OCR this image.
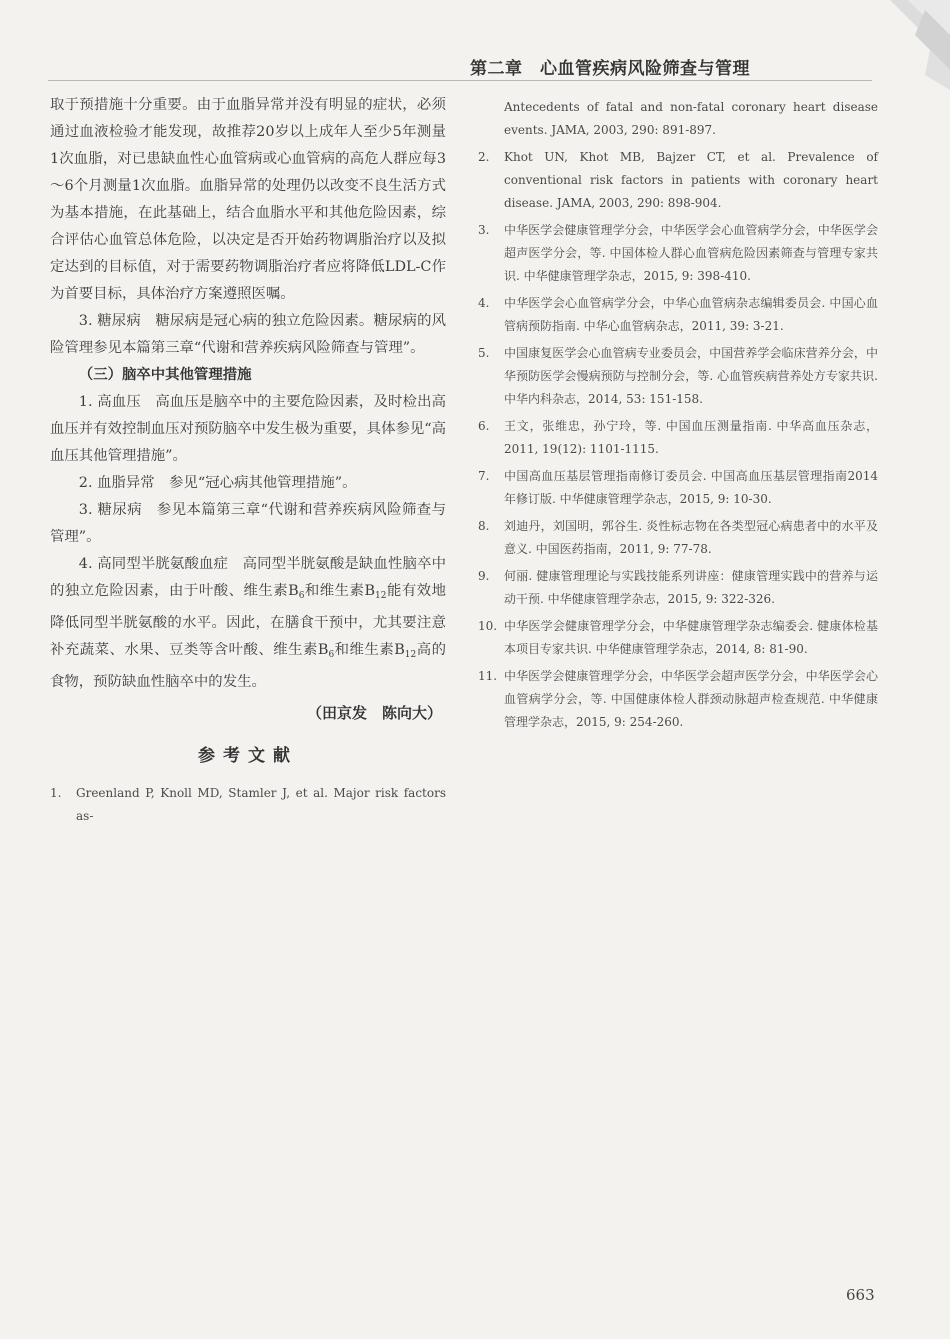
第二章　心血管疾病风险筛查与管理

取于预措施十分重要。由于血脂异常并没有明显的症状，必须通过血液检验才能发现，故推荐20岁以上成年人至少5年测量1次血脂，对已患缺血性心血管病或心血管病的高危人群应每3～6个月测量1次血脂。血脂异常的处理仍以改变不良生活方式为基本措施，在此基础上，结合血脂水平和其他危险因素，综合评估心血管总体危险，以决定是否开始药物调脂治疗以及拟定达到的目标值，对于需要药物调脂治疗者应将降低LDL-C作为首要目标，具体治疗方案遵照医嘱。

3. 糖尿病　糖尿病是冠心病的独立危险因素。糖尿病的风险管理参见本篇第三章“代谢和营养疾病风险筛查与管理”。

（三）脑卒中其他管理措施

1. 高血压　高血压是脑卒中的主要危险因素，及时检出高血压并有效控制血压对预防脑卒中发生极为重要，具体参见“高血压其他管理措施”。

2. 血脂异常　参见“冠心病其他管理措施”。

3. 糖尿病　参见本篇第三章“代谢和营养疾病风险筛查与管理”。

4. 高同型半胱氨酸血症　高同型半胱氨酸是缺血性脑卒中的独立危险因素，由于叶酸、维生素$B_6$和维生素$B_{12}$能有效地降低同型半胱氨酸的水平。因此，在膳食干预中，尤其要注意补充蔬菜、水果、豆类等含叶酸、维生素$B_6$和维生素$B_{12}$高的食物，预防缺血性脑卒中的发生。

（田京发　陈向大）

参考文献
1.	Greenland P, Knoll MD, Stamler J, et al. Major risk factors as-
Antecedents of fatal and non-fatal coronary heart disease events. JAMA, 2003, 290: 891-897.
2.	Khot UN, Khot MB, Bajzer CT, et al. Prevalence of conventional risk factors in patients with coronary heart disease. JAMA, 2003, 290: 898-904.
3.	中华医学会健康管理学分会，中华医学会心血管病学分会，中华医学会超声医学分会，等. 中国体检人群心血管病危险因素筛查与管理专家共识. 中华健康管理学杂志，2015, 9: 398-410.
4.	中华医学会心血管病学分会，中华心血管病杂志编辑委员会. 中国心血管病预防指南. 中华心血管病杂志，2011, 39: 3-21.
5.	中国康复医学会心血管病专业委员会，中国营养学会临床营养分会，中华预防医学会慢病预防与控制分会，等. 心血管疾病营养处方专家共识. 中华内科杂志，2014, 53: 151-158.
6.	王文，张维忠，孙宁玲，等. 中国血压测量指南. 中华高血压杂志，2011, 19(12): 1101-1115.
7.	中国高血压基层管理指南修订委员会. 中国高血压基层管理指南2014年修订版. 中华健康管理学杂志，2015, 9: 10-30.
8.	刘迪丹，刘国明，郭谷生. 炎性标志物在各类型冠心病患者中的水平及意义. 中国医药指南，2011, 9: 77-78.
9.	何丽. 健康管理理论与实践技能系列讲座：健康管理实践中的营养与运动干预. 中华健康管理学杂志，2015, 9: 322-326.
10. 中华医学会健康管理学分会，中华健康管理学杂志编委会. 健康体检基本项目专家共识. 中华健康管理学杂志，2014, 8: 81-90.
11. 中华医学会健康管理学分会，中华医学会超声医学分会，中华医学会心血管病学分会，等. 中国健康体检人群颈动脉超声检查规范. 中华健康管理学杂志，2015, 9: 254-260.
663
